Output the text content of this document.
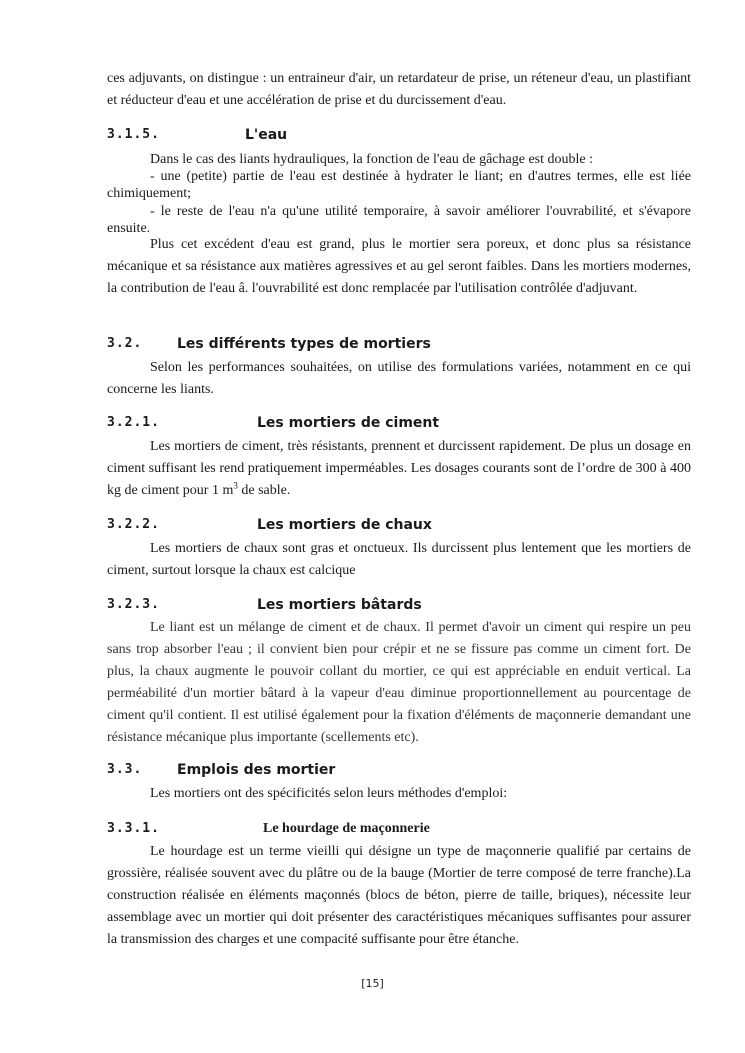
ces adjuvants, on distingue : un entraineur d'air, un retardateur de prise, un réteneur d'eau, un plastifiant et réducteur d'eau et une accélération de prise et du durcissement d'eau.

3.1.5.	L'eau

Dans le cas des liants hydrauliques, la fonction de l'eau de gâchage est double :

- une (petite) partie de l'eau est destinée à hydrater le liant; en d'autres termes, elle est liée chimiquement;

- le reste de l'eau n'a qu'une utilité temporaire, à savoir améliorer l'ouvrabilité, et s'évapore ensuite.

Plus cet excédent d'eau est grand, plus le mortier sera poreux, et donc plus sa résistance mécanique et sa résistance aux matières agressives et au gel seront faibles. Dans les mortiers modernes, la contribution de l'eau â. l'ouvrabilité est donc remplacée par l'utilisation contrôlée d'adjuvant.

3.2. Les différents types de mortiers

Selon les performances souhaitées, on utilise des formulations variées, notamment en ce qui concerne les liants.

3.2.1.	Les mortiers de ciment

Les mortiers de ciment, très résistants, prennent et durcissent rapidement. De plus un dosage en ciment suffisant les rend pratiquement imperméables. Les dosages courants sont de l’ordre de 300 à 400 kg de ciment pour 1 $m^3$ de sable.

3.2.2.	Les mortiers de chaux

Les mortiers de chaux sont gras et onctueux. Ils durcissent plus lentement que les mortiers de ciment, surtout lorsque la chaux est calcique

3.2.3.	Les mortiers bâtards

Le liant est un mélange de ciment et de chaux. Il permet d'avoir un ciment qui respire un peu sans trop absorber l'eau ; il convient bien pour crépir et ne se fissure pas comme un ciment fort. De plus, la chaux augmente le pouvoir collant du mortier, ce qui est appréciable en enduit vertical. La perméabilité d'un mortier bâtard à la vapeur d'eau diminue proportionnellement au pourcentage de ciment qu'il contient. Il est utilisé également pour la fixation d'éléments de maçonnerie demandant une résistance mécanique plus importante (scellements etc).

3.3. Emplois des mortier

Les mortiers ont des spécificités selon leurs méthodes d'emploi:

3.3.1.	Le hourdage de maçonnerie

Le hourdage est un terme vieilli qui désigne un type de maçonnerie qualifié par certains de grossière, réalisée souvent avec du plâtre ou de la bauge (Mortier de terre composé de terre franche).La construction réalisée en éléments maçonnés (blocs de béton, pierre de taille, briques), nécessite leur assemblage avec un mortier qui doit présenter des caractéristiques mécaniques suffisantes pour assurer la transmission des charges et une compacité suffisante pour être étanche.

[15]
